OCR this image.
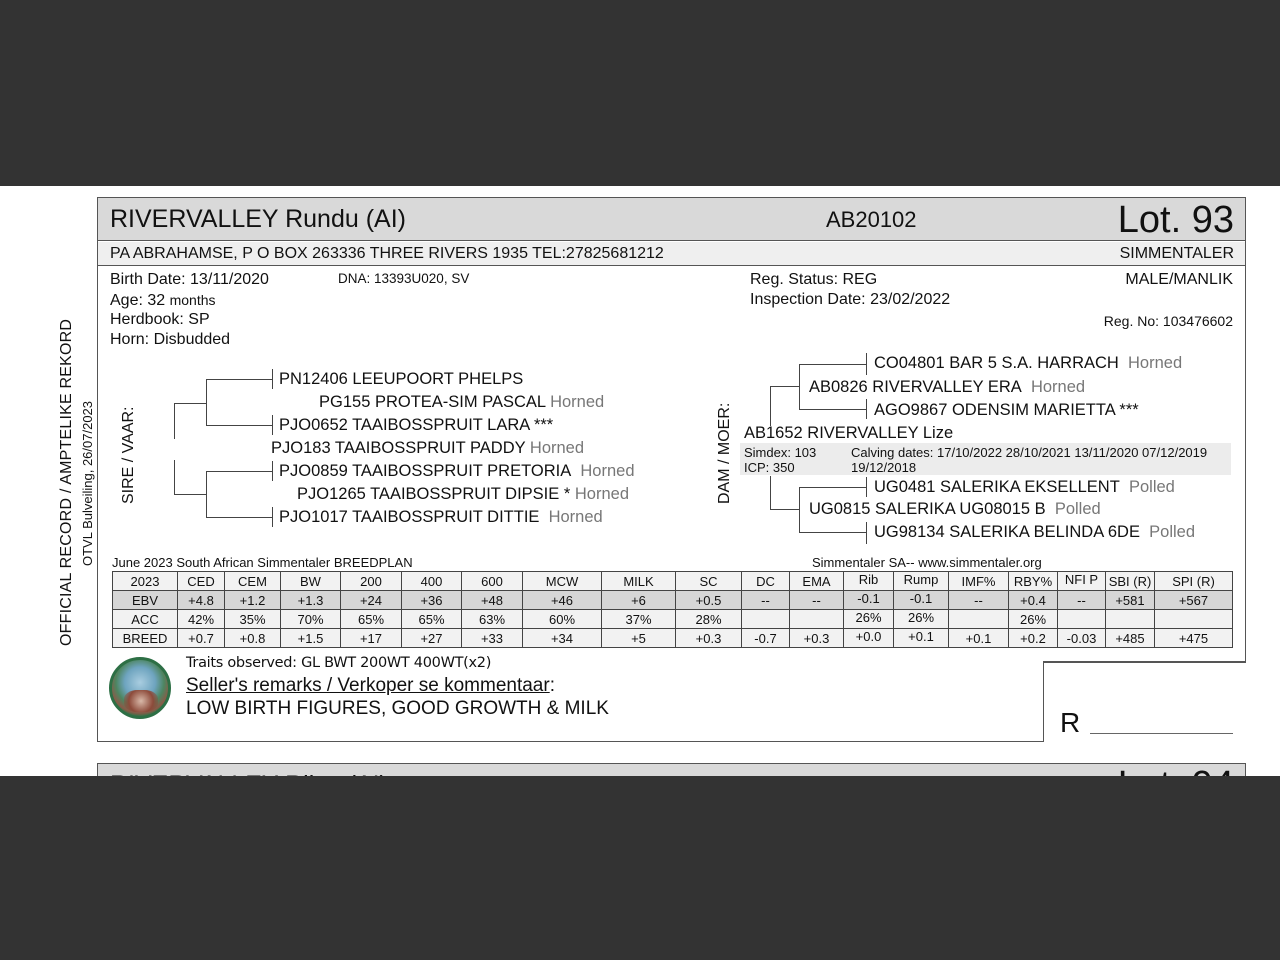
OFFICIAL RECORD / AMPTELIKE REKORD OTVL Bulveiling, 26/07/2023
RIVERVALLEY Rundu (AI)	AB20102	Lot. 93
PA ABRAHAMSE, P O BOX 263336 THREE RIVERS 1935 TEL:27825681212	SIMMENTALER
Birth Date: 13/11/2020	DNA: 13393U020, SV
Age: 32 months
Herdbook: SP
Horn: Disbudded
Reg. Status: REG
Inspection Date: 23/02/2022
MALE/MANLIK
Reg. No: 103476602
SIRE / VAAR:
PN12406 LEEUPOORT PHELPS
PG155 PROTEA-SIM PASCAL Horned
PJO0652 TAAIBOSSPRUIT LARA ***
PJO183 TAAIBOSSPRUIT PADDY Horned
PJO0859 TAAIBOSSPRUIT PRETORIA Horned
PJO1265 TAAIBOSSPRUIT DIPSIE * Horned
PJO1017 TAAIBOSSPRUIT DITTIE Horned
DAM / MOER: Simdex: 103
ICP: 350
Calving dates: 17/10/2022 28/10/2021 13/11/2020 07/12/2019
19/12/2018
CO04801 BAR 5 S.A. HARRACH Horned
AB0826 RIVERVALLEY ERA Horned
AGO9867 ODENSIM MARIETTA ***
AB1652 RIVERVALLEY Lize
UG0481 SALERIKA EKSELLENT Polled
UG0815 SALERIKA UG08015 B Polled
UG98134 SALERIKA BELINDA 6DE Polled
June 2023 South African Simmentaler BREEDPLAN	Simmentaler SA-- www.simmentaler.org
2023	CED	CEM	BW	200	400	600	MCW	MILK	SC	DC	EMA	Rib	Rump	IMF%	RBY%	NFI P	SBI (R)	SPI (R)
EBV	+4.8	+1.2	+1.3	+24	+36	+48	+46	+6	+0.5	--	--	-0.1	-0.1	--	+0.4	--	+581	+567
ACC	42%	35%	70%	65%	65%	63%	60%	37%	28%			26%	26%		26%			
BREED	+0.7	+0.8	+1.5	+17	+27	+33	+34	+5	+0.3	-0.7	+0.3	+0.0	+0.1	+0.1	+0.2	-0.03	+485	+475
Traits observed: GL BWT 200WT 400WT(x2)
Seller's remarks / Verkoper se kommentaar:
LOW BIRTH FIGURES, GOOD GROWTH & MILK	R
